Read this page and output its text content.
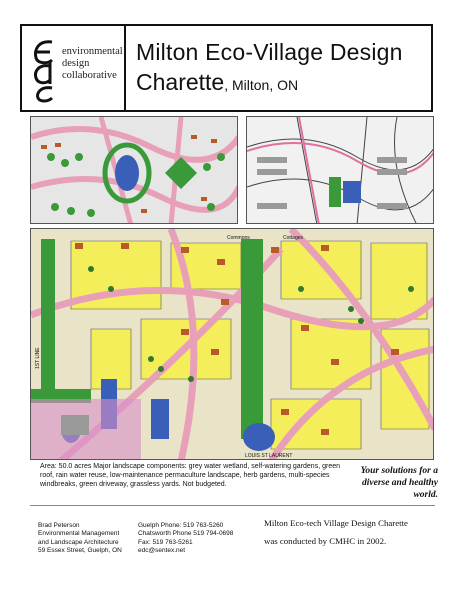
environmental
design
collaborative
Milton Eco-Village Design
Charette, Milton, ON
Commons	Cottages
1ST LINE
LOUIS ST LAURENT
Area: 50.0 acres Major landscape components: grey water wetland, self-watering gardens, green roof, rain water reuse, low-maintenance permaculture landscape, herb gardens, multi-species windbreaks, green driveway, grassless yards. Not budgeted.
Your solutions for a
diverse and healthy world.
Brad Peterson
Environmental Management
and Landscape Architecture
59 Essex Street, Guelph, ON
Guelph Phone: 519 763-5260
Chatsworth Phone 519 794-0698
Fax: 519 763-5261
edc@sentex.net
Milton Eco-tech Village Design Charette
was conducted by CMHC in 2002.
